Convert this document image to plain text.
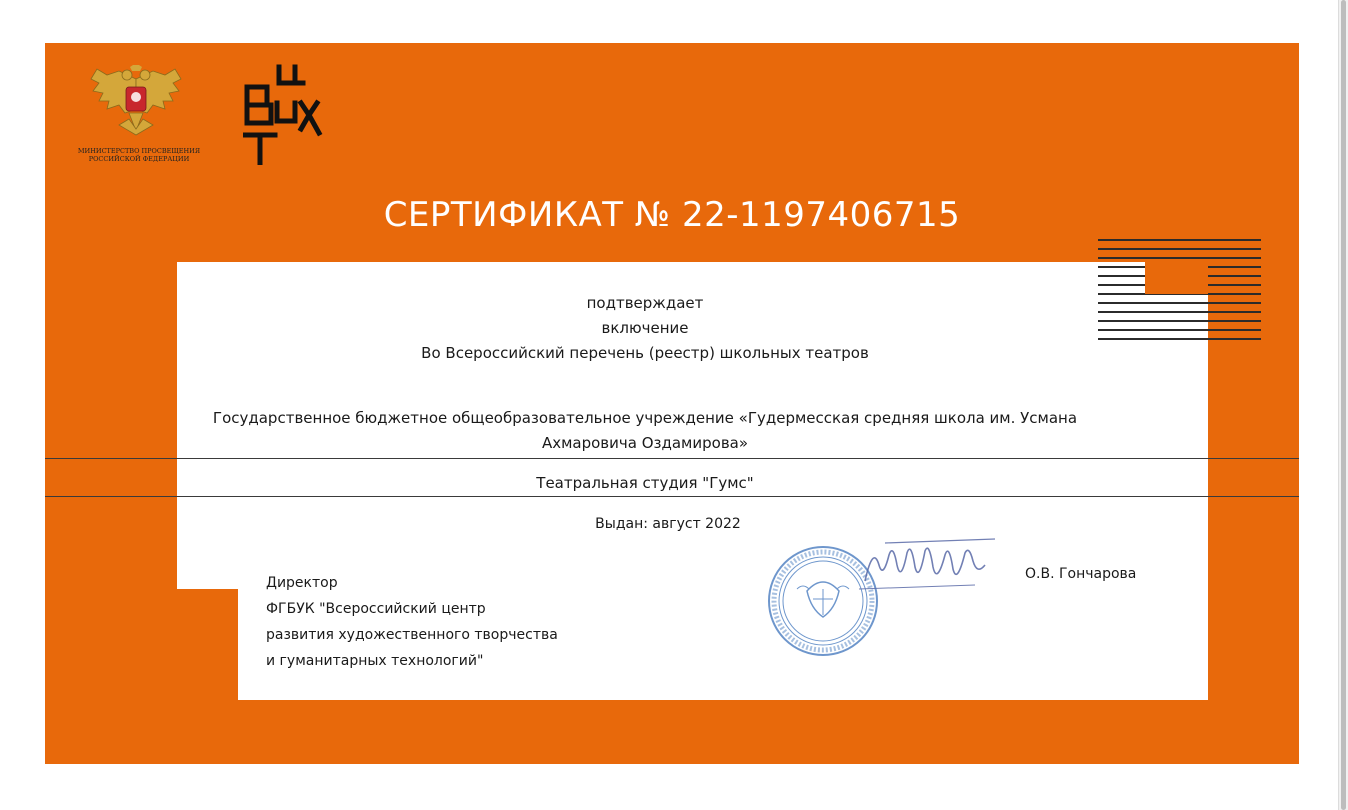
МИНИСТЕРСТВО ПРОСВЕЩЕНИЯ
РОССИЙСКОЙ ФЕДЕРАЦИИ
СЕРТИФИКАТ № 22-1197406715
подтверждает
включение
Во Всероссийский перечень (реестр) школьных театров
Государственное бюджетное общеобразовательное учреждение «Гудермесская средняя школа им. Усмана
Ахмаровича Оздамирова»
Театральная студия "Гумс"
Выдан: август 2022
Директор
ФГБУК "Всероссийский центр
развития художественного творчества
и гуманитарных технологий"
О.В. Гончарова
